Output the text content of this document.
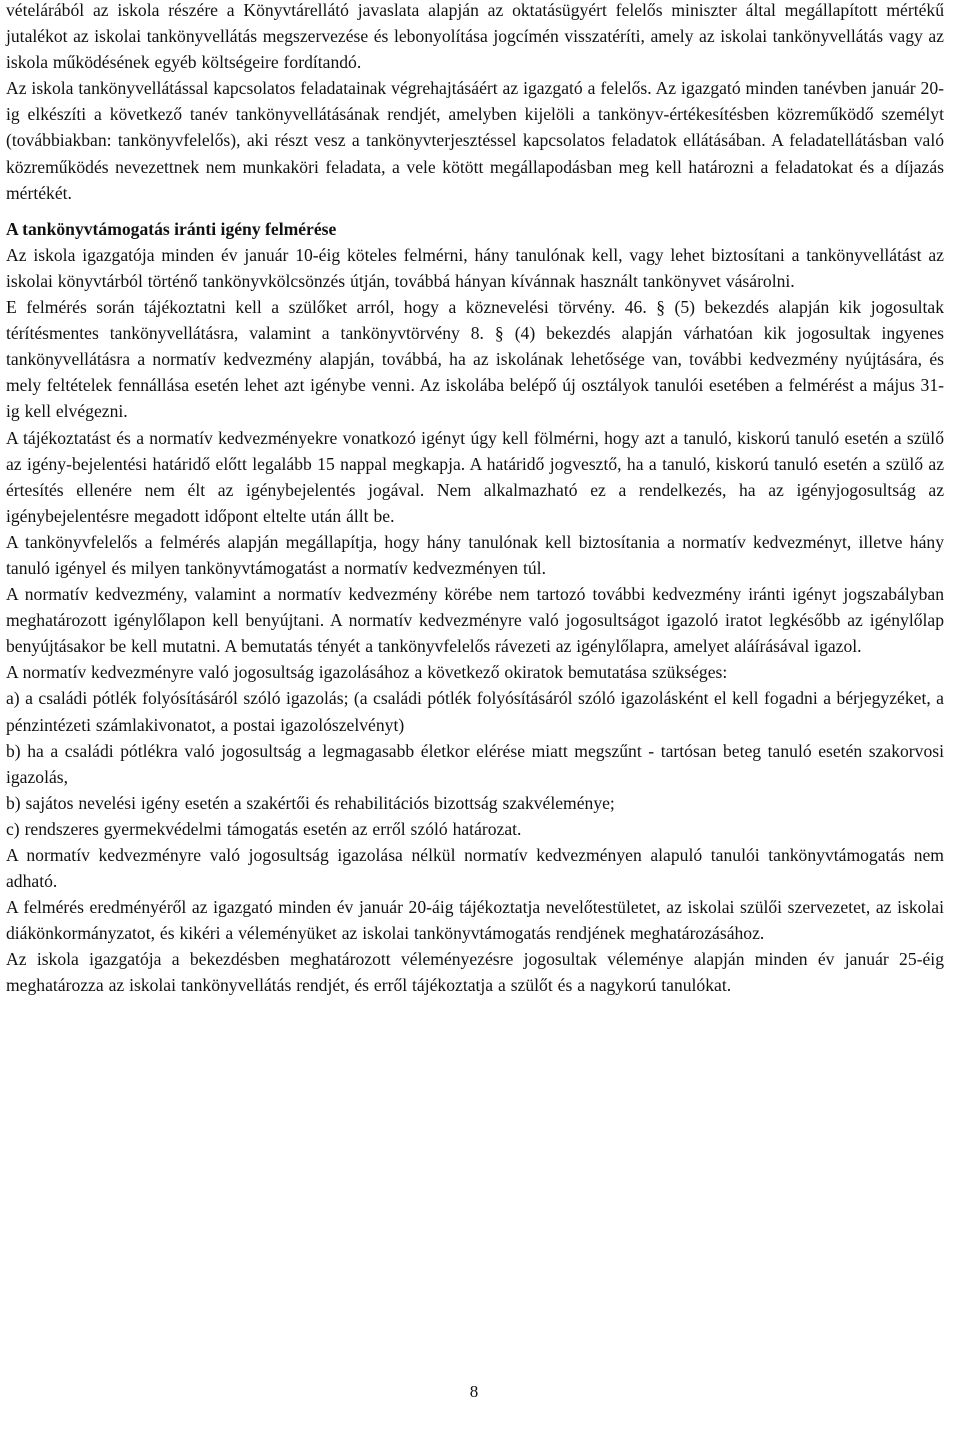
vételárából az iskola részére a Könyvtárellátó javaslata alapján az oktatásügyért felelős miniszter által megállapított mértékű jutalékot az iskolai tankönyvellátás megszervezése és lebonyolítása jogcímén visszatéríti, amely az iskolai tankönyvellátás vagy az iskola működésének egyéb költségeire fordítandó.

Az iskola tankönyvellátással kapcsolatos feladatainak végrehajtásáért az igazgató a felelős. Az igazgató minden tanévben január 20-ig elkészíti a következő tanév tankönyvellátásának rendjét, amelyben kijelöli a tankönyv-értékesítésben közreműködő személyt (továbbiakban: tankönyvfelelős), aki részt vesz a tankönyvterjesztéssel kapcsolatos feladatok ellátásában. A feladatellátásban való közreműködés nevezettnek nem munkaköri feladata, a vele kötött megállapodásban meg kell határozni a feladatokat és a díjazás mértékét.

A tankönyvtámogatás iránti igény felmérése

Az iskola igazgatója minden év január 10-éig köteles felmérni, hány tanulónak kell, vagy lehet biztosítani a tankönyvellátást az iskolai könyvtárból történő tankönyvkölcsönzés útján, továbbá hányan kívánnak használt tankönyvet vásárolni.

E felmérés során tájékoztatni kell a szülőket arról, hogy a köznevelési törvény. 46. § (5) bekezdés alapján kik jogosultak térítésmentes tankönyvellátásra, valamint a tankönyvtörvény 8. § (4) bekezdés alapján várhatóan kik jogosultak ingyenes tankönyvellátásra a normatív kedvezmény alapján, továbbá, ha az iskolának lehetősége van, további kedvezmény nyújtására, és mely feltételek fennállása esetén lehet azt igénybe venni. Az iskolába belépő új osztályok tanulói esetében a felmérést a május 31-ig kell elvégezni.

A tájékoztatást és a normatív kedvezményekre vonatkozó igényt úgy kell fölmérni, hogy azt a tanuló, kiskorú tanuló esetén a szülő az igény-bejelentési határidő előtt legalább 15 nappal megkapja. A határidő jogvesztő, ha a tanuló, kiskorú tanuló esetén a szülő az értesítés ellenére nem élt az igénybejelentés jogával. Nem alkalmazható ez a rendelkezés, ha az igényjogosultság az igénybejelentésre megadott időpont eltelte után állt be.

A tankönyvfelelős a felmérés alapján megállapítja, hogy hány tanulónak kell biztosítania a normatív kedvezményt, illetve hány tanuló igényel és milyen tankönyvtámogatást a normatív kedvezményen túl.

A normatív kedvezmény, valamint a normatív kedvezmény körébe nem tartozó további kedvezmény iránti igényt jogszabályban meghatározott igénylőlapon kell benyújtani. A normatív kedvezményre való jogosultságot igazoló iratot legkésőbb az igénylőlap benyújtásakor be kell mutatni. A bemutatás tényét a tankönyvfelelős rávezeti az igénylőlapra, amelyet aláírásával igazol.

A normatív kedvezményre való jogosultság igazolásához a következő okiratok bemutatása szükséges:

a) a családi pótlék folyósításáról szóló igazolás; (a családi pótlék folyósításáról szóló igazolásként el kell fogadni a bérjegyzéket, a pénzintézeti számlakivonatot, a postai igazolószelvényt)

b) ha a családi pótlékra való jogosultság a legmagasabb életkor elérése miatt megszűnt - tartósan beteg tanuló esetén szakorvosi igazolás,

b) sajátos nevelési igény esetén a szakértői és rehabilitációs bizottság szakvéleménye;

c) rendszeres gyermekvédelmi támogatás esetén az erről szóló határozat.

A normatív kedvezményre való jogosultság igazolása nélkül normatív kedvezményen alapuló tanulói tankönyvtámogatás nem adható.

A felmérés eredményéről az igazgató minden év január 20-áig tájékoztatja nevelőtestületet, az iskolai szülői szervezetet, az iskolai diákönkormányzatot, és kikéri a véleményüket az iskolai tankönyvtámogatás rendjének meghatározásához.

Az iskola igazgatója a bekezdésben meghatározott véleményezésre jogosultak véleménye alapján minden év január 25-éig meghatározza az iskolai tankönyvellátás rendjét, és erről tájékoztatja a szülőt és a nagykorú tanulókat.

8
